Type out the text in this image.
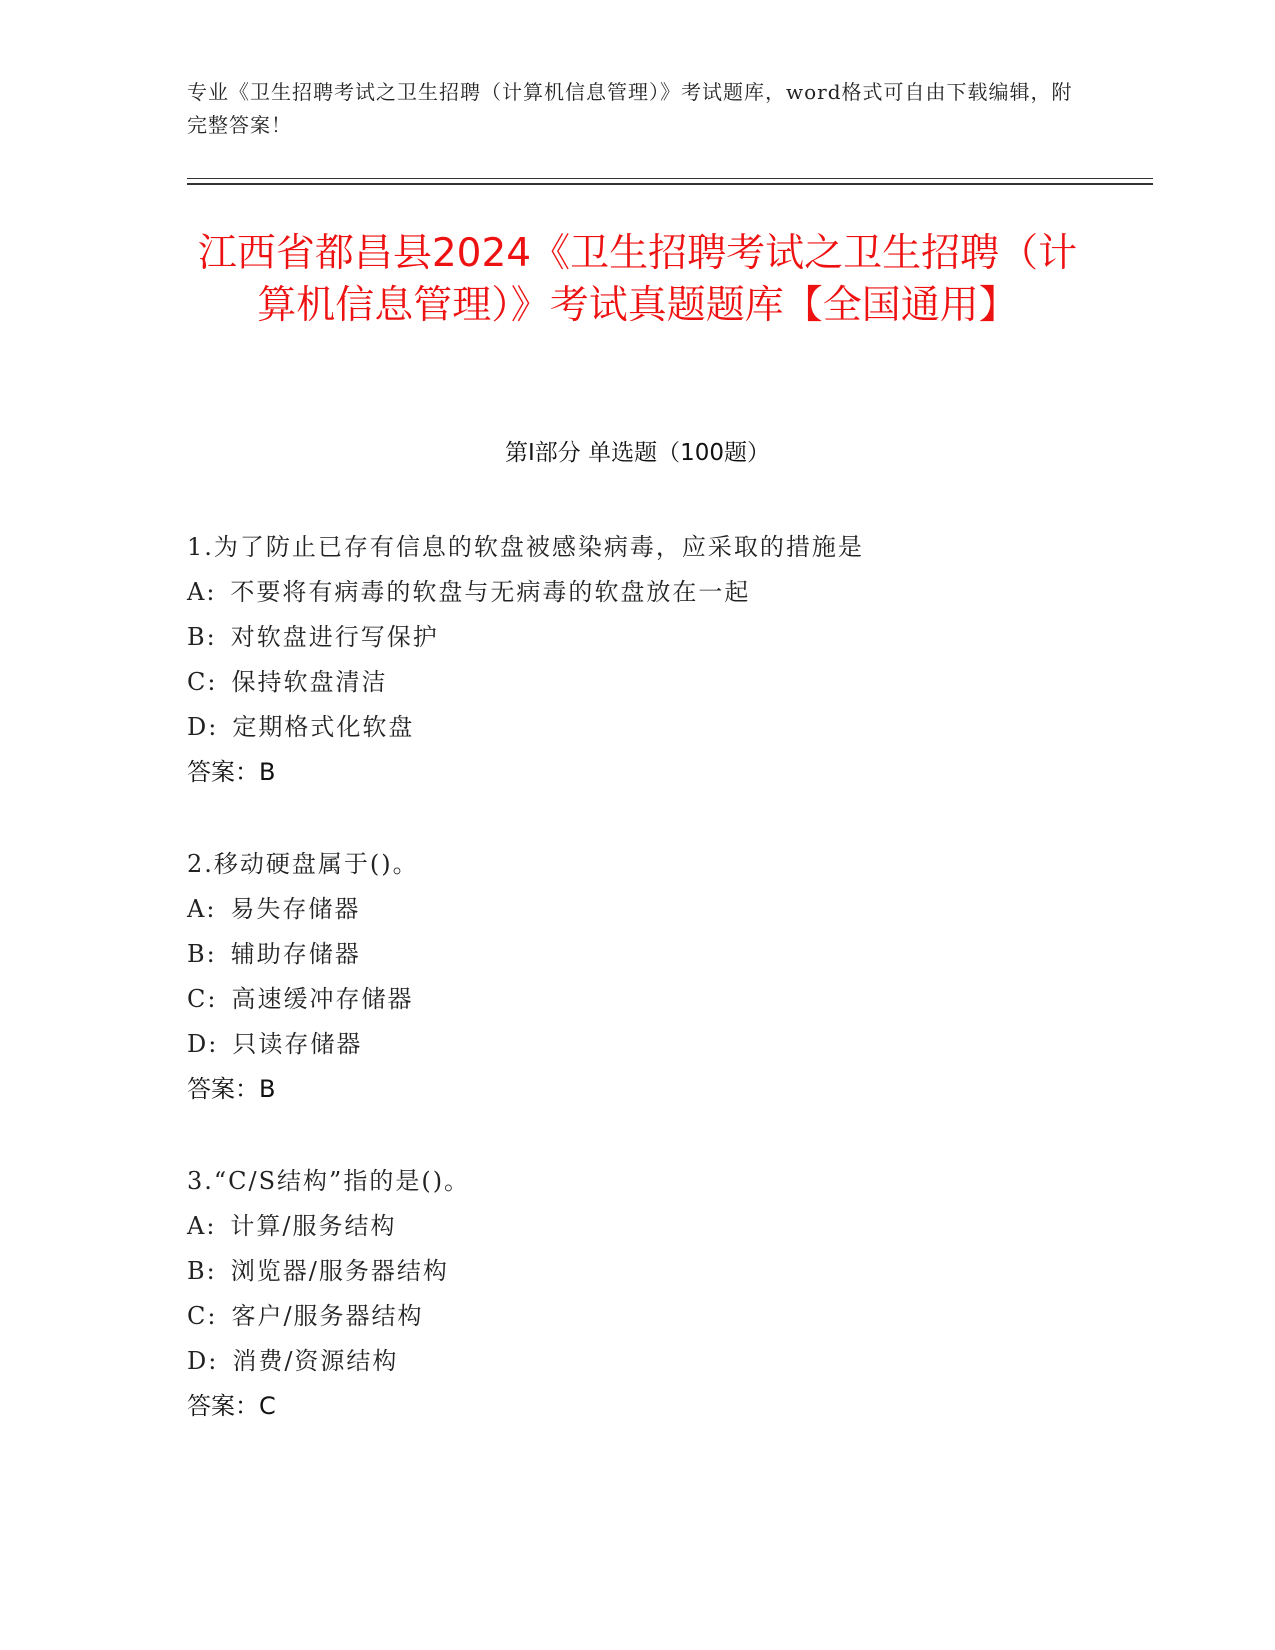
专业《卫生招聘考试之卫生招聘（计算机信息管理）》考试题库，word格式可自由下载编辑，附完整答案！
江西省都昌县2024《卫生招聘考试之卫生招聘（计算机信息管理）》考试真题题库【全国通用】
第Ⅰ部分 单选题（100题）
1.为了防止已存有信息的软盘被感染病毒，应采取的措施是
A: 不要将有病毒的软盘与无病毒的软盘放在一起
B: 对软盘进行写保护
C: 保持软盘清洁
D: 定期格式化软盘
答案：B
2.移动硬盘属于()。
A: 易失存储器
B: 辅助存储器
C: 高速缓冲存储器
D: 只读存储器
答案：B
3.“C/S结构”指的是()。
A: 计算/服务结构
B: 浏览器/服务器结构
C: 客户/服务器结构
D: 消费/资源结构
答案：C
